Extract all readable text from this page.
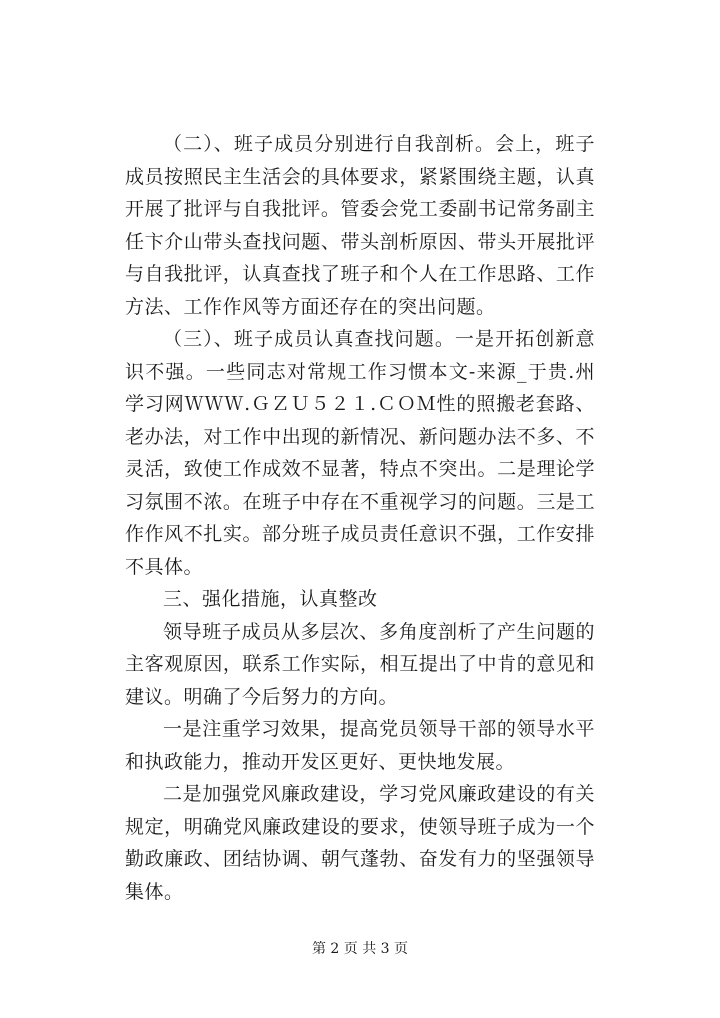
（二）、班子成员分别进行自我剖析。会上，班子成员按照民主生活会的具体要求，紧紧围绕主题，认真开展了批评与自我批评。管委会党工委副书记常务副主任卞介山带头查找问题、带头剖析原因、带头开展批评与自我批评，认真查找了班子和个人在工作思路、工作方法、工作作风等方面还存在的突出问题。

（三）、班子成员认真查找问题。一是开拓创新意识不强。一些同志对常规工作习惯本文-来源_于贵.州学习网ＷＷＷ.ＧＺＵ５２１.ＣＯＭ性的照搬老套路、老办法，对工作中出现的新情况、新问题办法不多、不灵活，致使工作成效不显著，特点不突出。二是理论学习氛围不浓。在班子中存在不重视学习的问题。三是工作作风不扎实。部分班子成员责任意识不强，工作安排不具体。

三、强化措施，认真整改

领导班子成员从多层次、多角度剖析了产生问题的主客观原因，联系工作实际，相互提出了中肯的意见和建议。明确了今后努力的方向。

一是注重学习效果，提高党员领导干部的领导水平和执政能力，推动开发区更好、更快地发展。

二是加强党风廉政建设，学习党风廉政建设的有关规定，明确党风廉政建设的要求，使领导班子成为一个勤政廉政、团结协调、朝气蓬勃、奋发有力的坚强领导集体。

第 2 页 共 3 页
